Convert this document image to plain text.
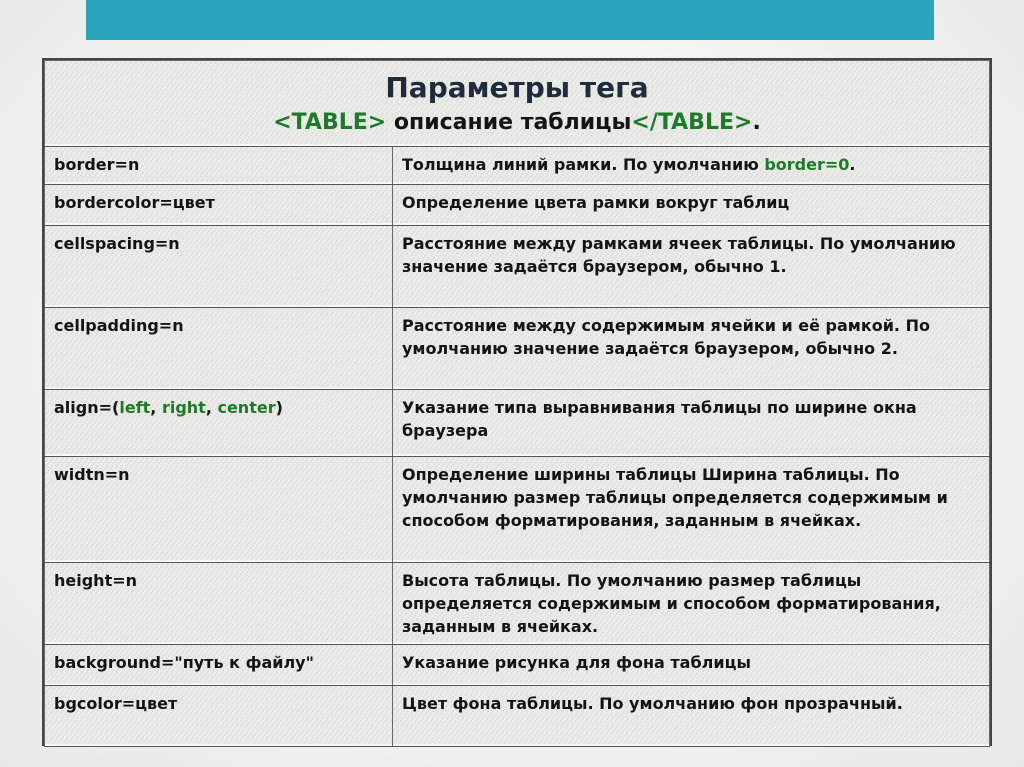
Параметры тега
<TABLE> описание таблицы</TABLE>.	

border=n	Толщина линий рамки. По умолчанию border=0.
bordercolor=цвет	Определение цвета рамки вокруг таблиц
cellspacing=n	Расстояние между рамками ячеек таблицы. По умолчанию значение задаётся браузером, обычно 1.
cellpadding=n	Расстояние между содержимым ячейки и её рамкой. По умолчанию значение задаётся браузером, обычно 2.
align=(left, right, center)	Указание типа выравнивания таблицы по ширине окна браузера
widtn=n	Определение ширины таблицы Ширина таблицы. По умолчанию размер таблицы определяется содержимым и способом форматирования, заданным в ячейках.
height=n	Высота таблицы. По умолчанию размер таблицы определяется содержимым и способом форматирования, заданным в ячейках.
background="путь к файлу"	Указание рисунка для фона таблицы
bgcolor=цвет	Цвет фона таблицы. По умолчанию фон прозрачный.
